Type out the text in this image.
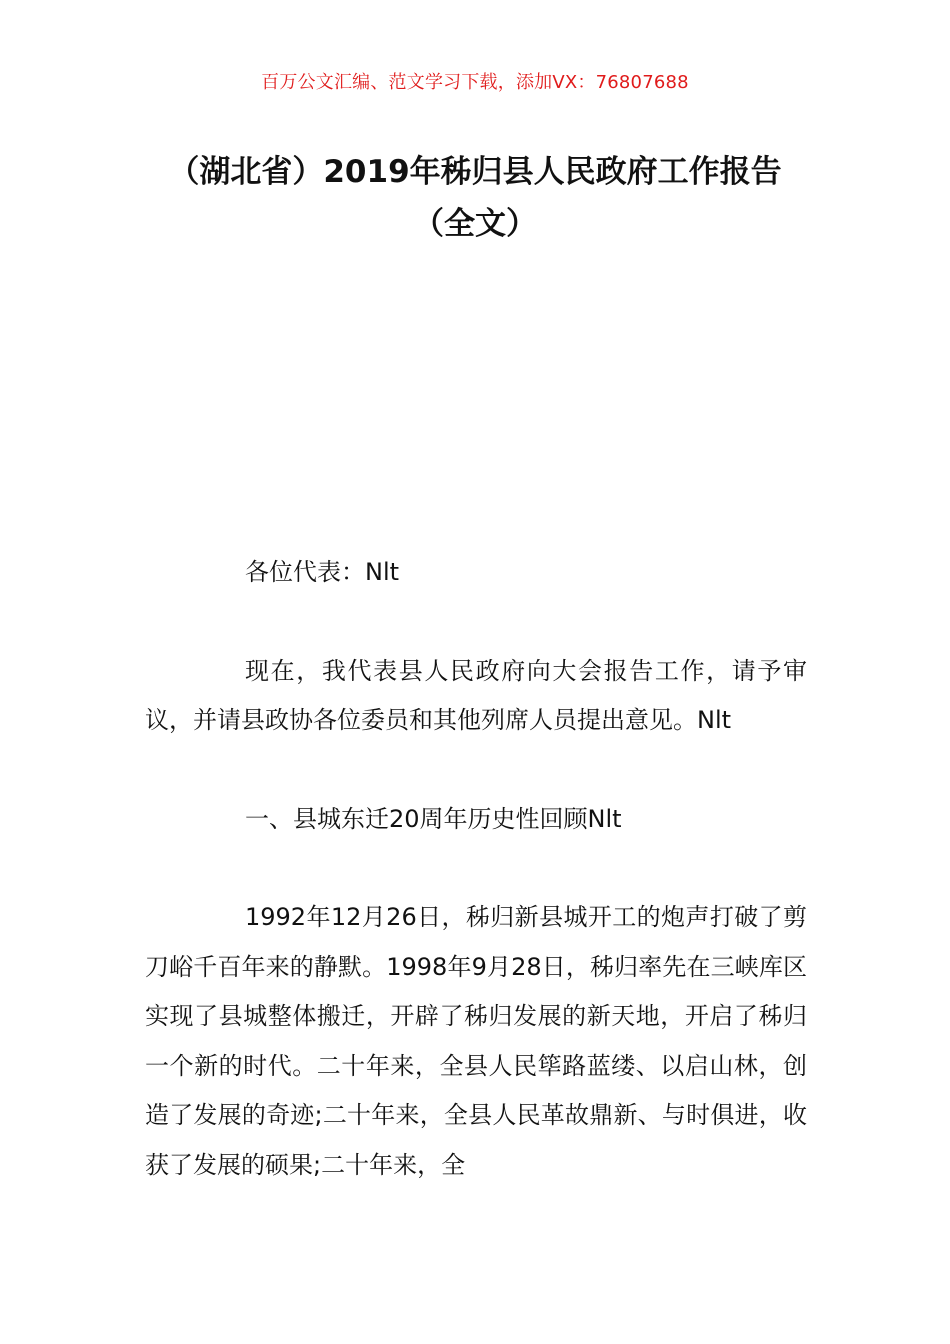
百万公文汇编、范文学习下载，添加VX：76807688
（湖北省）2019年秭归县人民政府工作报告（全文）

各位代表：Nlt

现在，我代表县人民政府向大会报告工作，请予审议，并请县政协各位委员和其他列席人员提出意见。Nlt

一、县城东迁20周年历史性回顾Nlt

1992年12月26日，秭归新县城开工的炮声打破了剪刀峪千百年来的静默。1998年9月28日，秭归率先在三峡库区实现了县城整体搬迁，开辟了秭归发展的新天地，开启了秭归一个新的时代。二十年来，全县人民筚路蓝缕、以启山林，创造了发展的奇迹;二十年来，全县人民革故鼎新、与时俱进，收获了发展的硕果;二十年来，全
